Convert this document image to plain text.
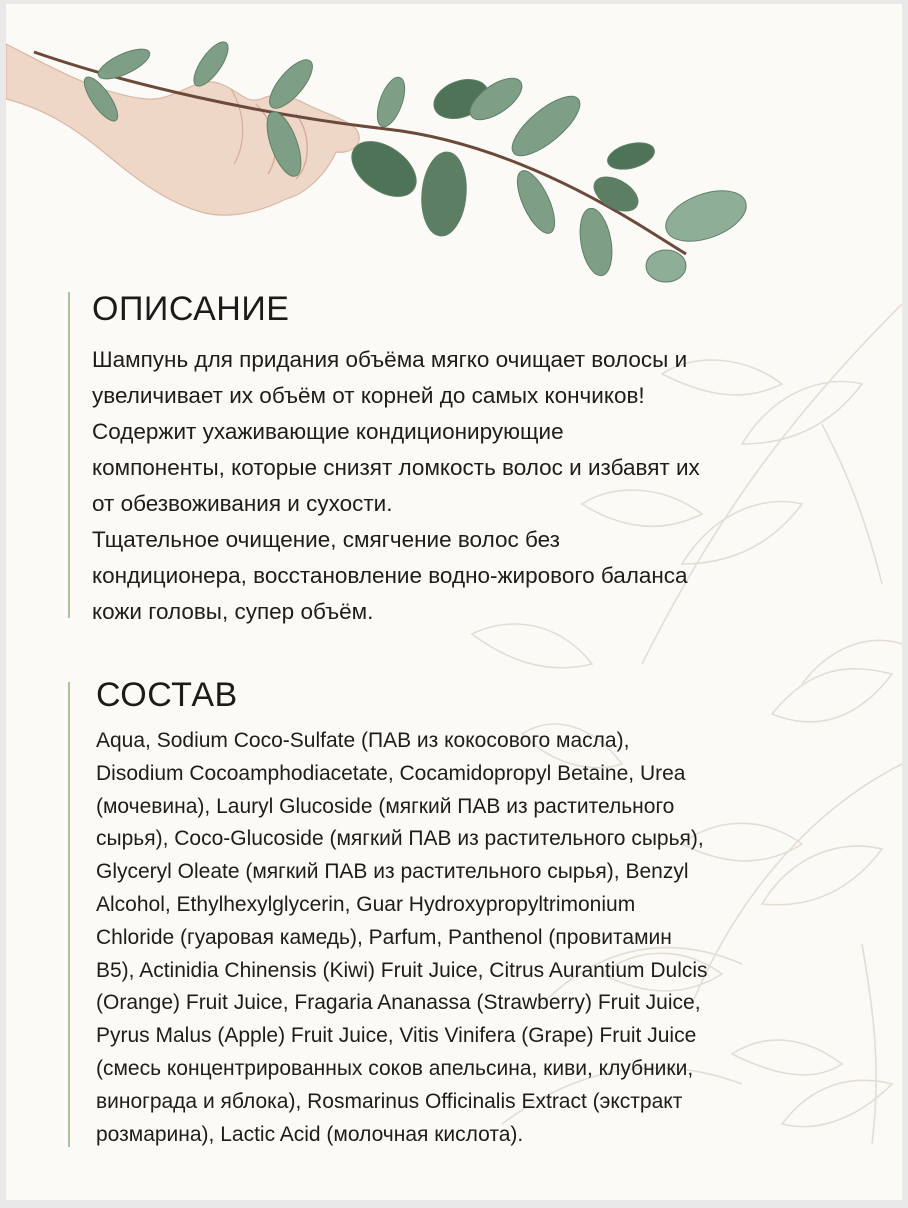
ОПИСАНИЕ

Шампунь для придания объёма мягко очищает волосы и
увеличивает их объём от корней до самых кончиков!
Содержит ухаживающие кондиционирующие
компоненты, которые снизят ломкость волос и избавят их
от обезвоживания и сухости.
Тщательное очищение, смягчение волос без
кондиционера, восстановление водно-жирового баланса
кожи головы, супер объём.

СОСТАВ

Aqua, Sodium Coco-Sulfate (ПАВ из кокосового масла),
Disodium Cocoamphodiacetate, Cocamidopropyl Betaine, Urea
(мочевина), Lauryl Glucoside (мягкий ПАВ из растительного
сырья), Coco-Glucoside (мягкий ПАВ из растительного сырья),
Glyceryl Oleate (мягкий ПАВ из растительного сырья), Benzyl
Alcohol, Ethylhexylglycerin, Guar Hydroxypropyltrimonium
Chloride (гуаровая камедь), Parfum, Panthenol (провитамин
B5), Actinidia Chinensis (Kiwi) Fruit Juice, Citrus Aurantium Dulcis
(Orange) Fruit Juice, Fragaria Ananassa (Strawberry) Fruit Juice,
Pyrus Malus (Apple) Fruit Juice, Vitis Vinifera (Grape) Fruit Juice
(смесь концентрированных соков апельсина, киви, клубники,
винограда и яблока), Rosmarinus Officinalis Extract (экстракт
розмарина), Lactic Acid (молочная кислота).
